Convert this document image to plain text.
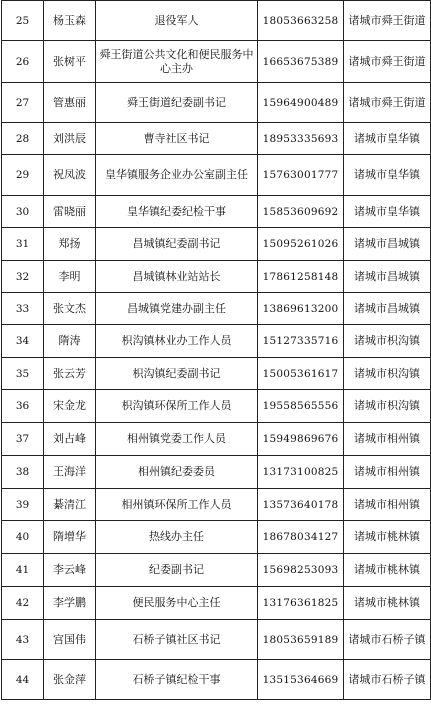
25	杨玉森	退役军人	18053663258	诸城市舜王街道
26	张树平	舜王街道公共文化和便民服务中心主办	16653675389	诸城市舜王街道
27	管惠丽	舜王街道纪委副书记	15964900489	诸城市舜王街道
28	刘洪辰	曹寺社区书记	18953335693	诸城市皇华镇
29	祝凤波	皇华镇服务企业办公室副主任	15763001777	诸城市皇华镇
30	雷晓丽	皇华镇纪委纪检干事	15853609692	诸城市皇华镇
31	郑扬	昌城镇纪委副书记	15095261026	诸城市昌城镇
32	李明	昌城镇林业站站长	17861258148	诸城市昌城镇
33	张文杰	昌城镇党建办副主任	13869613200	诸城市昌城镇
34	隋涛	枳沟镇林业办工作人员	15127335716	诸城市枳沟镇
35	张云芳	枳沟镇纪委副书记	15005361617	诸城市枳沟镇
36	宋金龙	枳沟镇环保所工作人员	19558565556	诸城市枳沟镇
37	刘占峰	相州镇党委工作人员	15949869676	诸城市相州镇
38	王海洋	相州镇纪委委员	13173100825	诸城市相州镇
39	綦清江	相州镇环保所工作人员	13573640178	诸城市相州镇
40	隋增华	热线办主任	18678034127	诸城市桃林镇
41	李云峰	纪委副书记	15698253093	诸城市桃林镇
42	李学鹏	便民服务中心主任	13176361825	诸城市桃林镇
43	宫国伟	石桥子镇社区书记	18053659189	诸城市石桥子镇
44	张金萍	石桥子镇纪检干事	13515364669	诸城市石桥子镇
